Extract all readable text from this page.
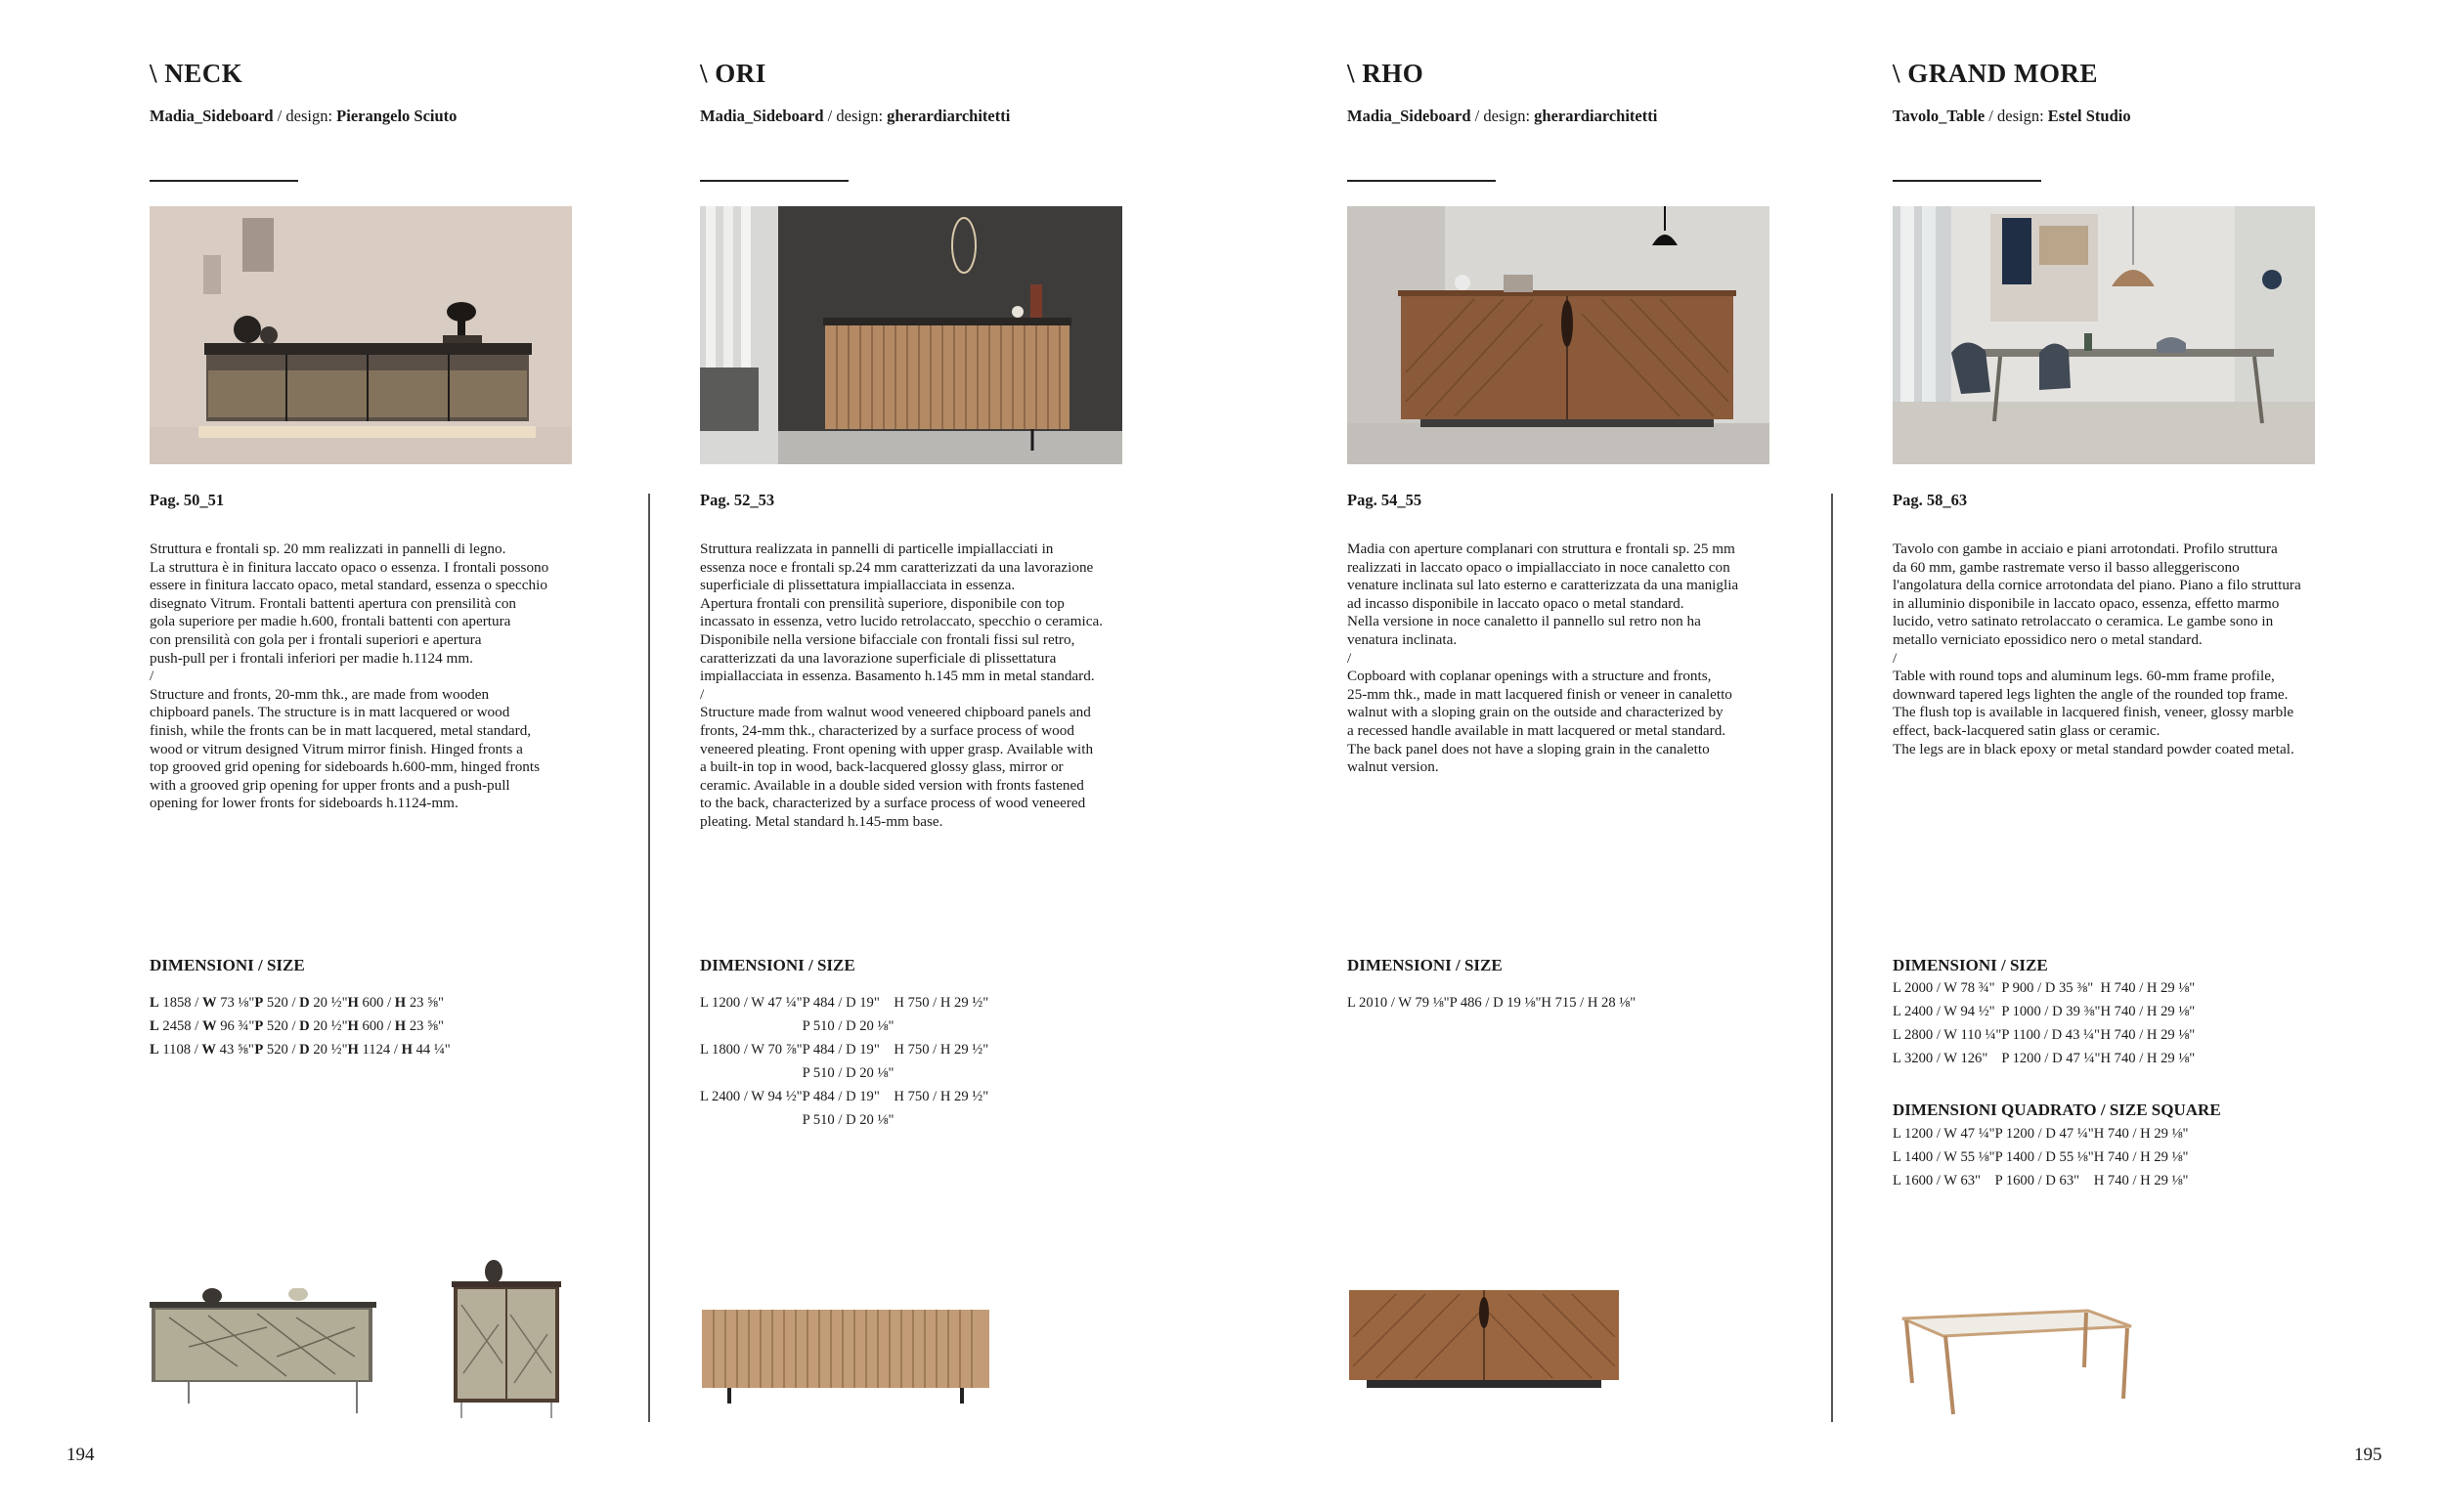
\ NECK
Madia_Sideboard / design: Pierangelo Sciuto
Pag. 50_51
Struttura e frontali sp. 20 mm realizzati in pannelli di legno.
La struttura è in finitura laccato opaco o essenza. I frontali possono
essere in finitura laccato opaco, metal standard, essenza o specchio
disegnato Vitrum. Frontali battenti apertura con prensilità con
gola superiore per madie h.600, frontali battenti con apertura
con prensilità con gola per i frontali superiori e apertura
push-pull per i frontali inferiori per madie h.1124 mm.
/
Structure and fronts, 20-mm thk., are made from wooden
chipboard panels. The structure is in matt lacquered or wood
finish, while the fronts can be in matt lacquered, metal standard,
wood or vitrum designed Vitrum mirror finish. Hinged fronts a
top grooved grid opening for sideboards h.600-mm, hinged fronts
with a grooved grip opening for upper fronts and a push-pull
opening for lower fronts for sideboards h.1124-mm.
DIMENSIONI / SIZE
L 1858 / W 73 ⅛"	P 520 / D 20 ½"	H 600 / H 23 ⅝"
L 2458 / W 96 ¾"	P 520 / D 20 ½"	H 600 / H 23 ⅝"
L 1108 / W 43 ⅝"	P 520 / D 20 ½"	H 1124 / H 44 ¼"
\ ORI
Madia_Sideboard / design: gherardiarchitetti
Pag. 52_53
Struttura realizzata in pannelli di particelle impiallacciati in
essenza noce e frontali sp.24 mm caratterizzati da una lavorazione
superficiale di plissettatura impiallacciata in essenza.
Apertura frontali con prensilità superiore, disponibile con top
incassato in essenza, vetro lucido retrolaccato, specchio o ceramica.
Disponibile nella versione bifacciale con frontali fissi sul retro,
caratterizzati da una lavorazione superficiale di plissettatura
impiallacciata in essenza. Basamento h.145 mm in metal standard.
/
Structure made from walnut wood veneered chipboard panels and
fronts, 24-mm thk., characterized by a surface process of wood
veneered pleating. Front opening with upper grasp. Available with
a built-in top in wood, back-lacquered glossy glass, mirror or
ceramic. Available in a double sided version with fronts fastened
to the back, characterized by a surface process of wood veneered
pleating. Metal standard h.145-mm base.
DIMENSIONI / SIZE
L 1200 / W 47 ¼"	P 484 / D 19"	H 750 / H 29 ½"
	P 510 / D 20 ⅛"	
L 1800 / W 70 ⅞"	P 484 / D 19"	H 750 / H 29 ½"
	P 510 / D 20 ⅛"	
L 2400 / W 94 ½"	P 484 / D 19"	H 750 / H 29 ½"
	P 510 / D 20 ⅛"	
\ RHO
Madia_Sideboard / design: gherardiarchitetti
Pag. 54_55
Madia con aperture complanari con struttura e frontali sp. 25 mm
realizzati in laccato opaco o impiallacciato in noce canaletto con
venature inclinata sul lato esterno e caratterizzata da una maniglia
ad incasso disponibile in laccato opaco o metal standard.
Nella versione in noce canaletto il pannello sul retro non ha
venatura inclinata.
/
Copboard with coplanar openings with a structure and fronts,
25-mm thk., made in matt lacquered finish or veneer in canaletto
walnut with a sloping grain on the outside and characterized by
a recessed handle available in matt lacquered or metal standard.
The back panel does not have a sloping grain in the canaletto
walnut version.
DIMENSIONI / SIZE
L 2010 / W 79 ⅛"	P 486 / D 19 ⅛"	H 715 / H 28 ⅛"
\ GRAND MORE
Tavolo_Table / design: Estel Studio
Pag. 58_63
Tavolo con gambe in acciaio e piani arrotondati. Profilo struttura
da 60 mm, gambe rastremate verso il basso alleggeriscono
l'angolatura della cornice arrotondata del piano. Piano a filo struttura
in alluminio disponibile in laccato opaco, essenza, effetto marmo
lucido, vetro satinato retrolaccato o ceramica. Le gambe sono in
metallo verniciato epossidico nero o metal standard.
/
Table with round tops and aluminum legs. 60-mm frame profile,
downward tapered legs lighten the angle of the rounded top frame.
The flush top is available in lacquered finish, veneer, glossy marble
effect, back-lacquered satin glass or ceramic.
The legs are in black epoxy or metal standard powder coated metal.
DIMENSIONI / SIZE
L 2000 / W 78 ¾"	P 900 / D 35 ⅜"	H 740 / H 29 ⅛"
L 2400 / W 94 ½"	P 1000 / D 39 ⅜"	H 740 / H 29 ⅛"
L 2800 / W 110 ¼"	P 1100 / D 43 ¼"	H 740 / H 29 ⅛"
L 3200 / W 126"	P 1200 / D 47 ¼"	H 740 / H 29 ⅛"
DIMENSIONI QUADRATO / SIZE SQUARE
L 1200 / W 47 ¼"	P 1200 / D 47 ¼"	H 740 / H 29 ⅛"
L 1400 / W 55 ⅛"	P 1400 / D 55 ⅛"	H 740 / H 29 ⅛"
L 1600 / W 63"	P 1600 / D 63"	H 740 / H 29 ⅛"
194	195
